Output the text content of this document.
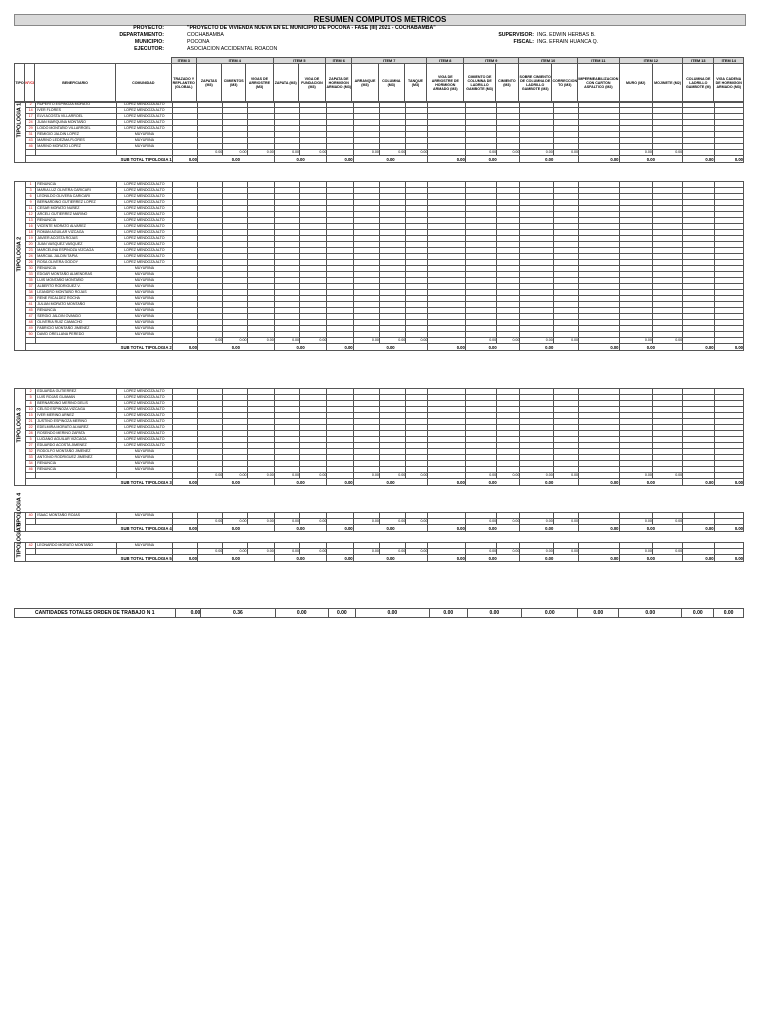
RESUMEN COMPUTOS METRICOS
PROYECTO:	"PROYECTO DE VIVIENDA NUEVA EN EL MUNICIPIO DE POCONA - FASE (III) 2021 - COCHABAMBA"
DEPARTAMENTO:	COCHABAMBA
MUNICIPIO:	POCONA
EJECUTOR:	ASOCIACION ACCIDENTAL ROACON
SUPERVISOR: ING. EDWIN HERBAS B.
FISCAL: ING. EFRAIN HUANCA Q.
				ITEM 3	ITEM 4			ITEM 5		ITEM 6	ITEM 7			ITEM 8	ITEM 9		ITEM 10		ITEM 11	ITEM 12		ITEM 13	ITEM 14
TIPO	N°/CI	BENEFICIARIO	COMUNIDAD	TRAZADO Y REPLANTEO (GLOBAL)	ZAPATAS (M3)	CIMIENTOS (M3)	VIGAS DE ARRIOSTRE (M3)	ZAPATA (M3)	VIGA DE FUNDACION (M3)	ZAPATA DE HORMIGON ARMADO (M3)	ARRANQUE (M3)	COLUMNA (M3)	TANQUE (M3)	VIGA DE ARRIOSTRE DE HORMIGON ARMADO (M3)	CIMIENTO DE COLUMNA DE LADRILLO GAMBOTE (M3)	CIMIENTO (M3)	SOBRE CIMIENTO DE COLUMNA DE LADRILLO GAMBOTE (M3)	CORRECCION TO (M3)	IMPERMEABILIZACION CON CARTON ASFALTICO (M2)	MURO (M2)	MOJINETE (M2)	COLUMNA DE LADRILLO GAMBOTE (M)	VIGA CADENA DE HORMIGON ARMADO (M3)
TIPOLOGIA 1	2	RUPERTO ESPINOZA MORATO	LOPEZ MENDOZA ALTO																				
	14	IVER FLORES	LOPEZ MENDOZA ALTO																				
	17	ELVI ACOSTA VILLARROEL	LOPEZ MENDOZA ALTO																				
	24	JUAN MARQUINA MONTAÑO	LOPEZ MENDOZA ALTO																				
	29	LOIDO MONTAÑO VILLARROEL	LOPEZ MENDOZA ALTO																				
	31	REMIGIO JALDIN LOPEZ	MUYURINA																				
	43	MARINO LEDEZMA FLORES	MUYURINA																				
	46	MARINO MORATO LOPEZ	MUYURINA																				
					0.00	0.00	0.00	0.00	0.00		0.00	0.00	0.00		0.00	0.00	0.00	0.00		0.00	0.00		
	SUB TOTAL TIPOLOGIA 1			0.00	0.00			0.00		0.00	0.00			0.00	0.00		0.00		0.00	0.00		0.00	0.00
TIPOLOGIA 2	1	RENUNCIA	LOPEZ MENDOZA ALTO																				
	3	MARIA LUZ OLIVERA CARICARI	LOPEZ MENDOZA ALTO																				
	6	LEONILDO OLIVERA CARICARI	LOPEZ MENDOZA ALTO																				
	9	BERNARDINO GUTIERREZ LOPEZ	LOPEZ MENDOZA ALTO																				
	11	CESAR MORATO NUÑEZ	LOPEZ MENDOZA ALTO																				
	12	ARCELI GUTIERREZ MARINO	LOPEZ MENDOZA ALTO																				
	13	RENUNCIA	LOPEZ MENDOZA ALTO																				
	16	VICENTE MORATO ALVAREZ	LOPEZ MENDOZA ALTO																				
	18	ROMAN AGUILAR VIZCAGA	LOPEZ MENDOZA ALTO																				
	19	JAVIER ACOSTA ROJAS	LOPEZ MENDOZA ALTO																				
	20	JUAN VASQUEZ VASQUEZ	LOPEZ MENDOZA ALTO																				
	23	MARCELINA ESPINOZA VIZCAGA	LOPEZ MENDOZA ALTO																				
	24	MARCIAL JALDIN TAPIA	LOPEZ MENDOZA ALTO																				
	26	ROSA OLIVERA GODOY	LOPEZ MENDOZA ALTO																				
	30	RENUNCIA	MUYURINA																				
	33	EDGAR MONTAÑO ALMENDRAS	MUYURINA																				
	35	LUIS MONTAÑO MONTAÑO	MUYURINA																				
	37	ALBERTO RODRIGUEZ V.	MUYURINA																				
	38	LEANDRO MONTAÑO ROJAS	MUYURINA																				
	39	RENE RICALDEZ ROCHA	MUYURINA																				
	41	JULIAN MORATO MONTAÑO	MUYURINA																				
	45	RENUNCIA	MUYURINA																				
	47	SERGIO JALDIN OVANDO	MUYURINA																				
	48	OLIVERIA RUIZ CAMACHO	MUYURINA																				
	49	FABRICIO MONTAÑO JIMENEZ	MUYURINA																				
	50	DAVID ORELLANA PEREDO	MUYURINA																				
					0.00	0.00	0.00	0.00	0.00		0.00	0.00	0.00		0.00	0.00	0.00	0.00		0.00	0.00		
	SUB TOTAL TIPOLOGIA 2			0.00	0.00			0.00		0.00	0.00			0.00	0.00		0.00		0.00	0.00		0.00	0.00
TIPOLOGIA 3	2	EDUARDA GUTIERREZ	LOPEZ MENDOZA ALTO																				
	5	LUIS ROJAS GUAMAN	LOPEZ MENDOZA ALTO																				
	8	BERNARDINO MERINO DELIS	LOPEZ MENDOZA ALTO																				
	10	CELSO ESPINOZA VIZCAGA	LOPEZ MENDOZA ALTO																				
	15	IVER MERINO ARNEZ	LOPEZ MENDOZA ALTO																				
	21	JUSTINO ESPINOZA MERINO	LOPEZ MENDOZA ALTO																				
	22	EDELMIRA MORATO ALVAREZ	LOPEZ MENDOZA ALTO																				
	28	ROSENDO MERINO ZAPATA	LOPEZ MENDOZA ALTO																				
	5	LUCIANO AGUILAR VIZCAGA	LOPEZ MENDOZA ALTO																				
	27	EDUARDO ACOSTA JIMENEZ	LOPEZ MENDOZA ALTO																				
	32	RODOLFO MONTAÑO JIMENEZ	MUYURINA																				
	33	ANTONIO RODRIGUEZ JIMENEZ	MUYURINA																				
	34	RENUNCIA	MUYURINA																				
	46	RENUNCIA	MUYURINA																				
					0.00	0.00	0.00	0.00	0.00		0.00	0.00	0.00		0.00	0.00	0.00	0.00		0.00	0.00		
	SUB TOTAL TIPOLOGIA 3			0.00	0.00			0.00		0.00	0.00			0.00	0.00		0.00		0.00	0.00		0.00	0.00
TIPOLOGIA 4	40	ISAAC MONTAÑO ROJAS	MUYURINA																				
					0.00	0.00	0.00	0.00	0.00		0.00	0.00	0.00		0.00	0.00	0.00	0.00		0.00	0.00		
	SUB TOTAL TIPOLOGIA 4			0.00	0.00			0.00		0.00	0.00			0.00	0.00		0.00		0.00	0.00		0.00	0.00
TIPOLOGIA 5	42	LEONARDO MORATO MONTAÑO	MUYURINA																				
					0.00	0.00	0.00	0.00	0.00		0.00	0.00	0.00		0.00	0.00	0.00	0.00		0.00	0.00		
	SUB TOTAL TIPOLOGIA 5			0.00	0.00			0.00		0.00	0.00			0.00	0.00		0.00		0.00	0.00		0.00	0.00
CANTIDADES TOTALES ORDEN DE TRABAJO N 1	0.00	0.36	0.00	0.00	0.00	0.00	0.00	0.00	0.00	0.00	0.00	0.00
